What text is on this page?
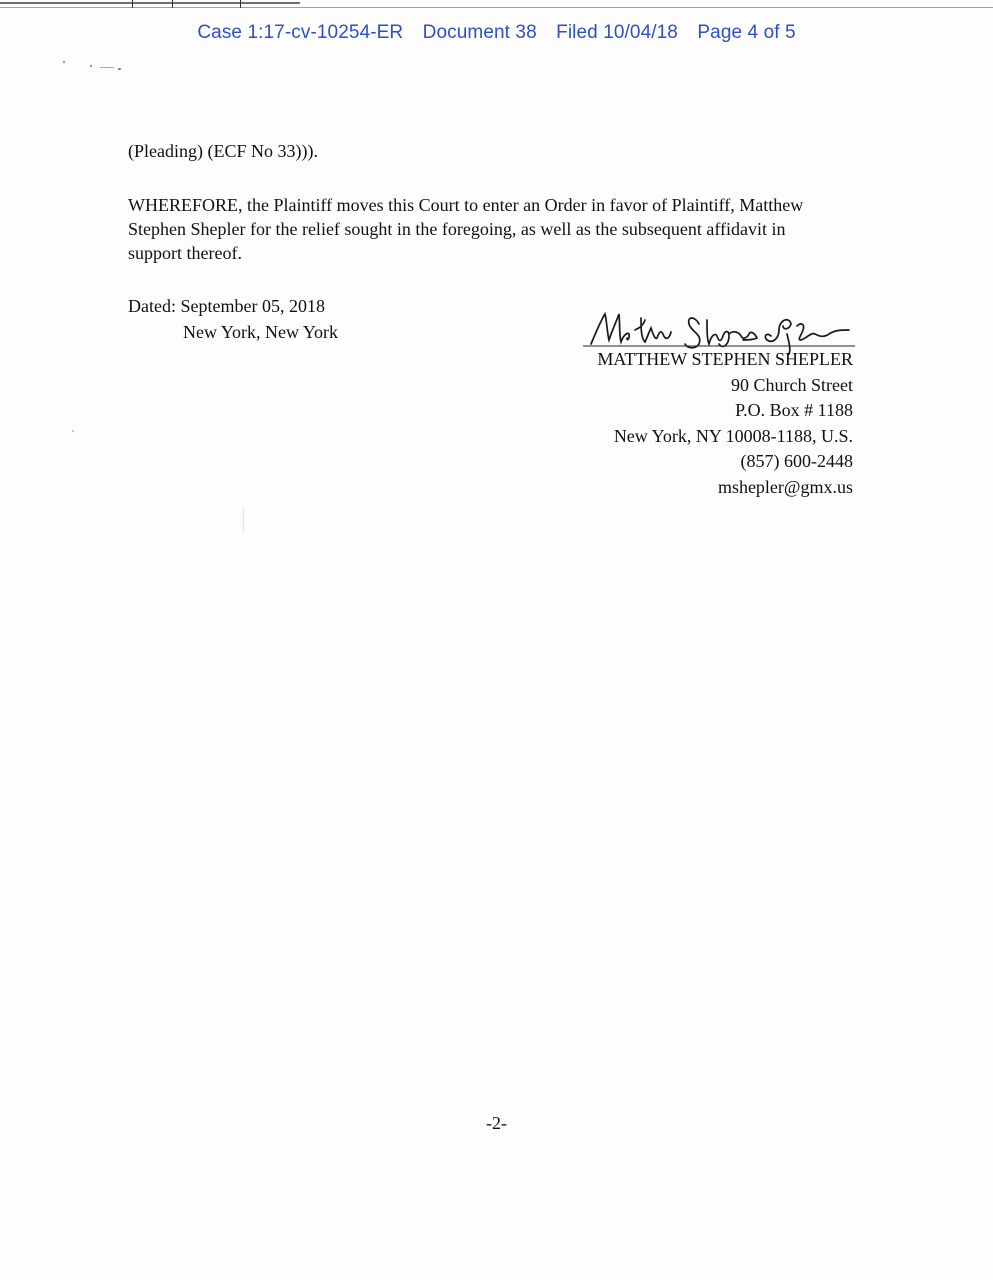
Case 1:17-cv-10254-ER Document 38 Filed 10/04/18 Page 4 of 5
(Pleading) (ECF No 33))).
WHEREFORE, the Plaintiff moves this Court to enter an Order in favor of Plaintiff, Matthew
Stephen Shepler for the relief sought in the foregoing, as well as the subsequent affidavit in
support thereof.
Dated: September 05, 2018
New York, New York
MATTHEW STEPHEN SHEPLER
90 Church Street
P.O. Box # 1188
New York, NY 10008-1188, U.S.
(857) 600-2448
mshepler@gmx.us
-2-
